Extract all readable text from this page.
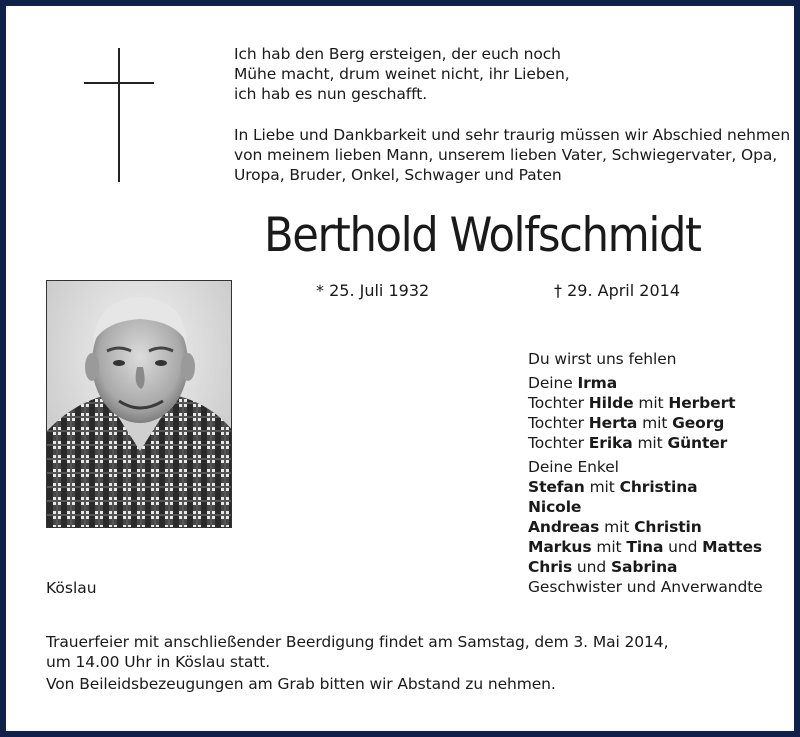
Ich hab den Berg ersteigen, der euch noch
Mühe macht, drum weinet nicht, ihr Lieben,
ich hab es nun geschafft.
In Liebe und Dankbarkeit und sehr traurig müssen wir Abschied nehmen
von meinem lieben Mann, unserem lieben Vater, Schwiegervater, Opa,
Uropa, Bruder, Onkel, Schwager und Paten
Berthold Wolfschmidt
* 25. Juli 1932	† 29. April 2014
Du wirst uns fehlen
Deine Irma
Tochter Hilde mit Herbert
Tochter Herta mit Georg
Tochter Erika mit Günter
Deine Enkel
Stefan mit Christina
Nicole
Andreas mit Christin
Markus mit Tina und Mattes
Chris und Sabrina
Geschwister und Anverwandte
Köslau
Trauerfeier mit anschließender Beerdigung findet am Samstag, dem 3. Mai 2014,
um 14.00 Uhr in Köslau statt.
Von Beileidsbezeugungen am Grab bitten wir Abstand zu nehmen.
